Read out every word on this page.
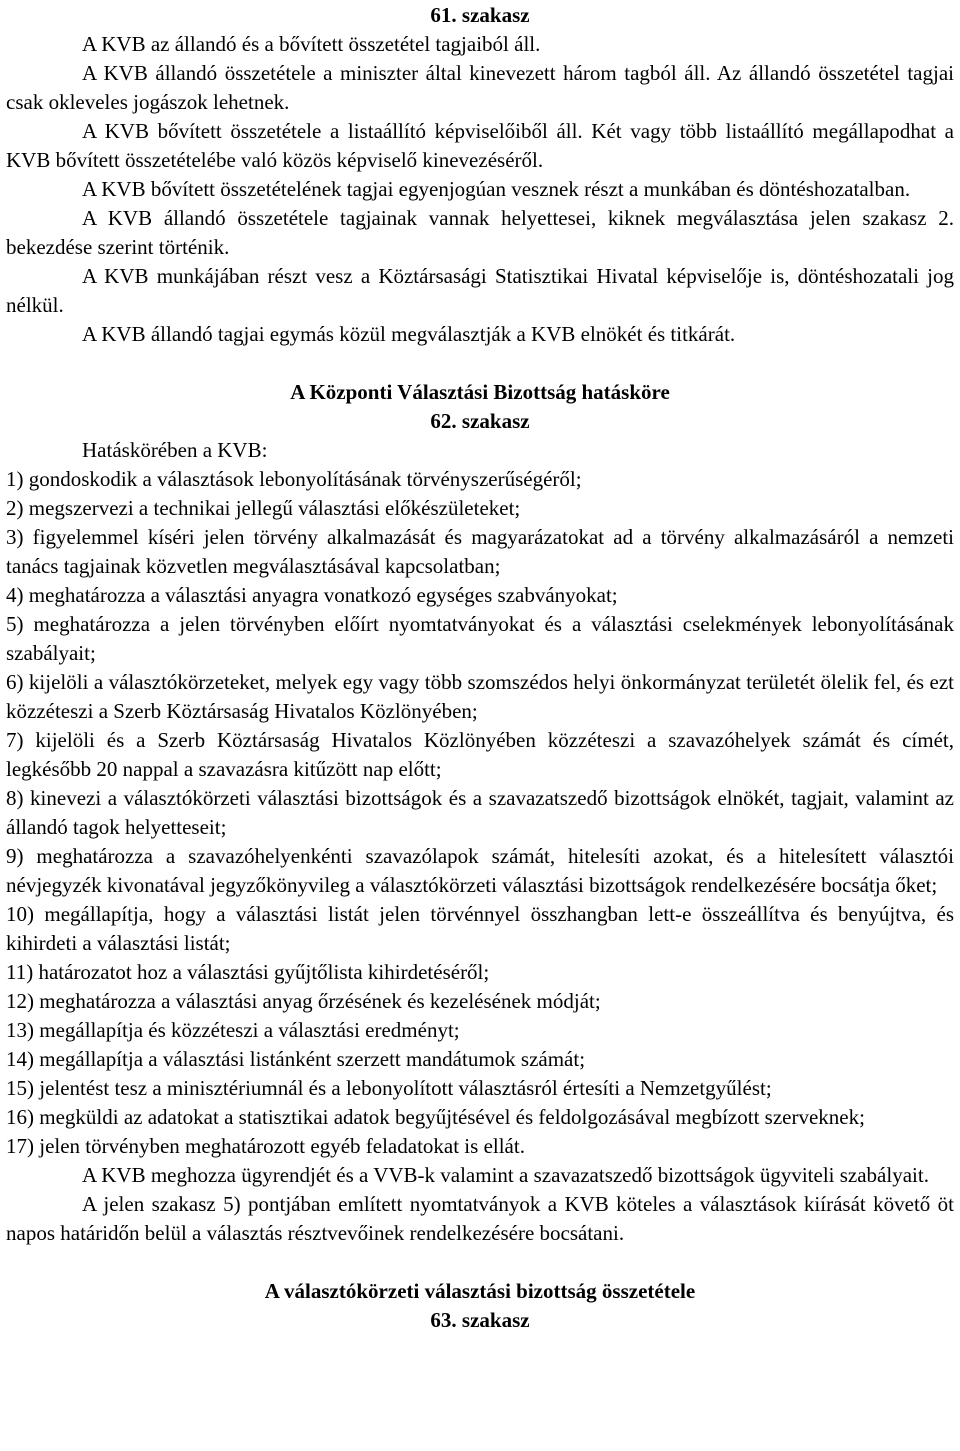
61. szakasz

A KVB az állandó és a bővített összetétel tagjaiból áll.

A KVB állandó összetétele a miniszter által kinevezett három tagból áll. Az állandó összetétel tagjai csak okleveles jogászok lehetnek.

A KVB bővített összetétele a listaállító képviselőiből áll. Két vagy több listaállító megállapodhat a KVB bővített összetételébe való közös képviselő kinevezéséről.

A KVB bővített összetételének tagjai egyenjogúan vesznek részt a munkában és döntéshozatalban.

A KVB állandó összetétele tagjainak vannak helyettesei, kiknek megválasztása jelen szakasz 2. bekezdése szerint történik.

A KVB munkájában részt vesz a Köztársasági Statisztikai Hivatal képviselője is, döntéshozatali jog nélkül.

A KVB állandó tagjai egymás közül megválasztják a KVB elnökét és titkárát.

A Központi Választási Bizottság hatásköre

62. szakasz

Hatáskörében a KVB:

1) gondoskodik a választások lebonyolításának törvényszerűségéről;

2) megszervezi a technikai jellegű választási előkészületeket;

3) figyelemmel kíséri jelen törvény alkalmazását és magyarázatokat ad a törvény alkalmazásáról a nemzeti tanács tagjainak közvetlen megválasztásával kapcsolatban;

4) meghatározza a választási anyagra vonatkozó egységes szabványokat;

5) meghatározza a jelen törvényben előírt nyomtatványokat és a választási cselekmények lebonyolításának szabályait;

6) kijelöli a választókörzeteket, melyek egy vagy több szomszédos helyi önkormányzat területét ölelik fel, és ezt közzéteszi a Szerb Köztársaság Hivatalos Közlönyében;

7) kijelöli és a Szerb Köztársaság Hivatalos Közlönyében közzéteszi a szavazóhelyek számát és címét, legkésőbb 20 nappal a szavazásra kitűzött nap előtt;

8) kinevezi a választókörzeti választási bizottságok és a szavazatszedő bizottságok elnökét, tagjait, valamint az állandó tagok helyetteseit;

9) meghatározza a szavazóhelyenkénti szavazólapok számát, hitelesíti azokat, és a hitelesített választói névjegyzék kivonatával jegyzőkönyvileg a választókörzeti választási bizottságok rendelkezésére bocsátja őket;

10) megállapítja, hogy a választási listát jelen törvénnyel összhangban lett-e összeállítva és benyújtva, és kihirdeti a választási listát;

11) határozatot hoz a választási gyűjtőlista kihirdetéséről;

12) meghatározza a választási anyag őrzésének és kezelésének módját;

13) megállapítja és közzéteszi a választási eredményt;

14) megállapítja a választási listánként szerzett mandátumok számát;

15) jelentést tesz a minisztériumnál és a lebonyolított választásról értesíti a Nemzetgyűlést;

16) megküldi az adatokat a statisztikai adatok begyűjtésével és feldolgozásával megbízott szerveknek;

17) jelen törvényben meghatározott egyéb feladatokat is ellát.

A KVB meghozza ügyrendjét és a VVB-k valamint a szavazatszedő bizottságok ügyviteli szabályait.

A jelen szakasz 5) pontjában említett nyomtatványok a KVB köteles a választások kiírását követő öt napos határidőn belül a választás résztvevőinek rendelkezésére bocsátani.

A választókörzeti választási bizottság összetétele

63. szakasz
